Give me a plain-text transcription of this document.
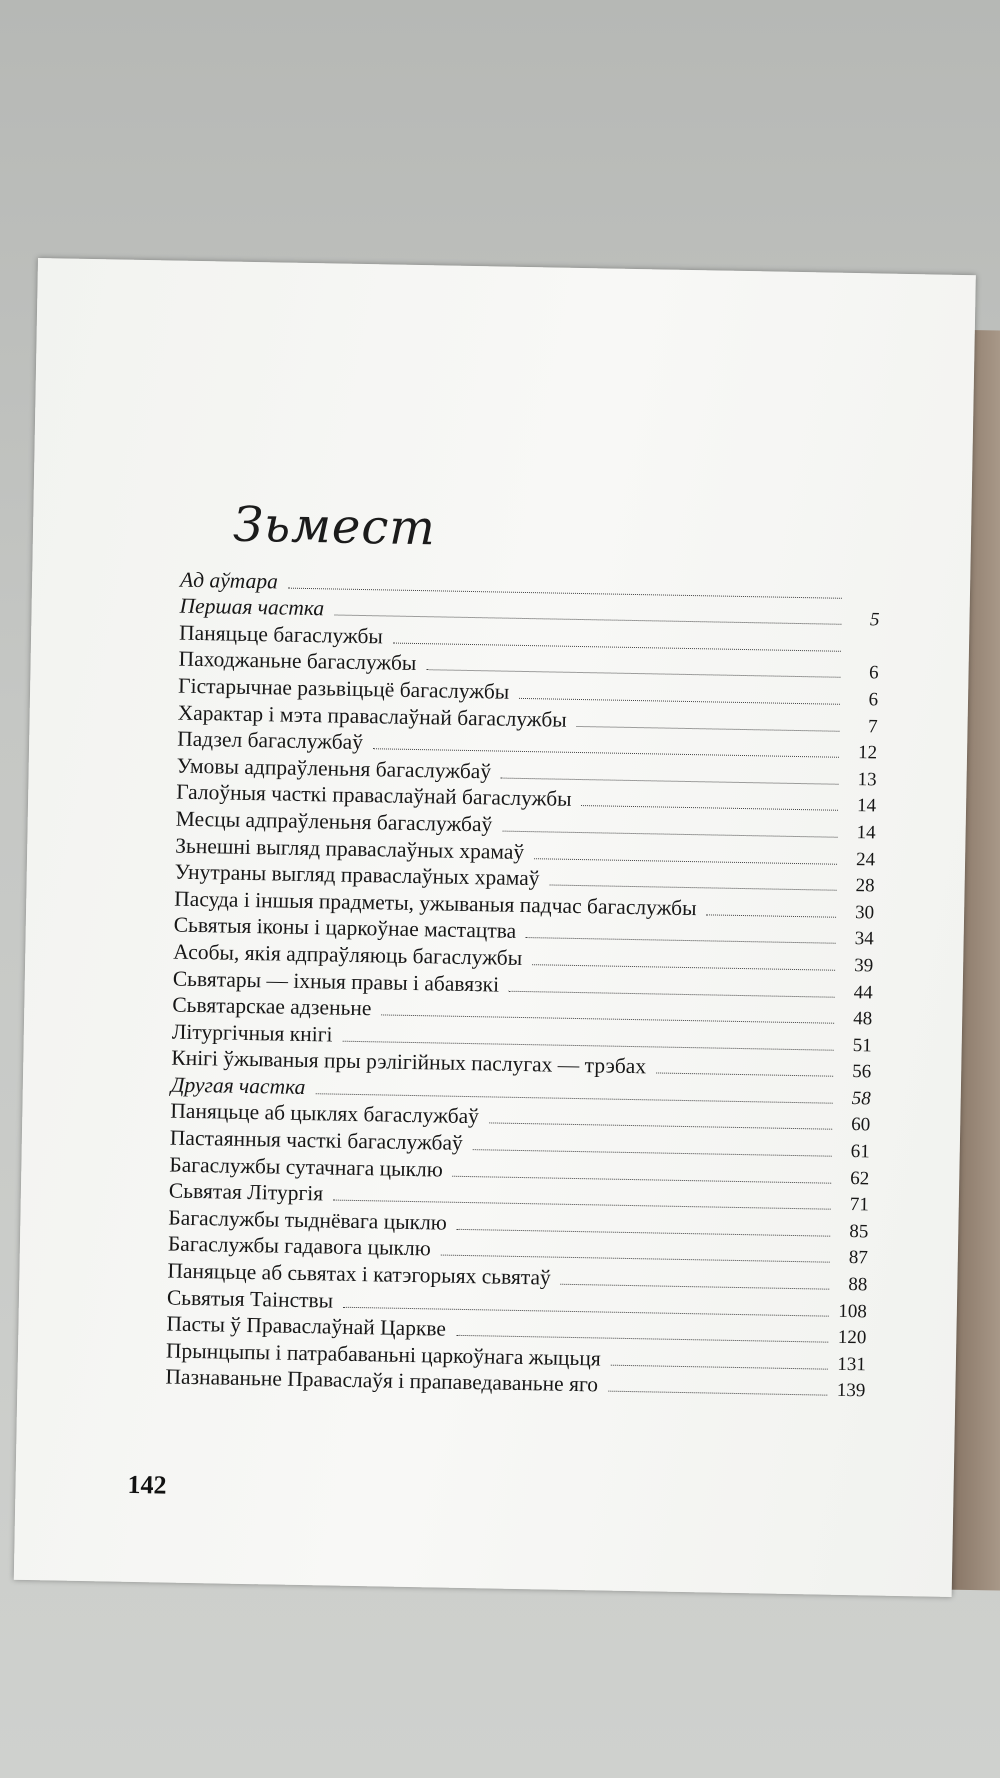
Зьмест
Ад аўтара
Першая частка	5
Паняцьце багаслужбы
Паходжаньне багаслужбы	6
Гістарычнае разьвіцьцё багаслужбы	6
Характар і мэта праваслаўнай багаслужбы	7
Падзел багаслужбаў	12
Умовы адпраўленьня багаслужбаў	13
Галоўныя часткі праваслаўнай багаслужбы	14
Месцы адпраўленьня багаслужбаў	14
Зьнешні выгляд праваслаўных храмаў	24
Унутраны выгляд праваслаўных храмаў	28
Пасуда і іншыя прадметы, ужываныя падчас багаслужбы	30
Сьвятыя іконы і царкоўнае мастацтва	34
Асобы, якія адпраўляюць багаслужбы	39
Сьвятары — іхныя правы і абавязкі	44
Сьвятарскае адзеньне	48
Літургічныя кнігі	51
Кнігі ўжываныя пры рэлігійных паслугах — трэбах	56
Другая частка	58
Паняцьце аб цыклях багаслужбаў	60
Пастаянныя часткі багаслужбаў	61
Багаслужбы сутачнага цыклю	62
Сьвятая Літургія	71
Багаслужбы тыднёвага цыклю	85
Багаслужбы гадавога цыклю	87
Паняцьце аб сьвятах і катэгорыях сьвятаў	88
Сьвятыя Таінствы	108
Пасты ў Праваслаўнай Царкве	120
Прынцыпы і патрабаваньні царкоўнага жыцьця	131
Пазнаваньне Праваслаўя і прапаведаваньне яго	139
142
